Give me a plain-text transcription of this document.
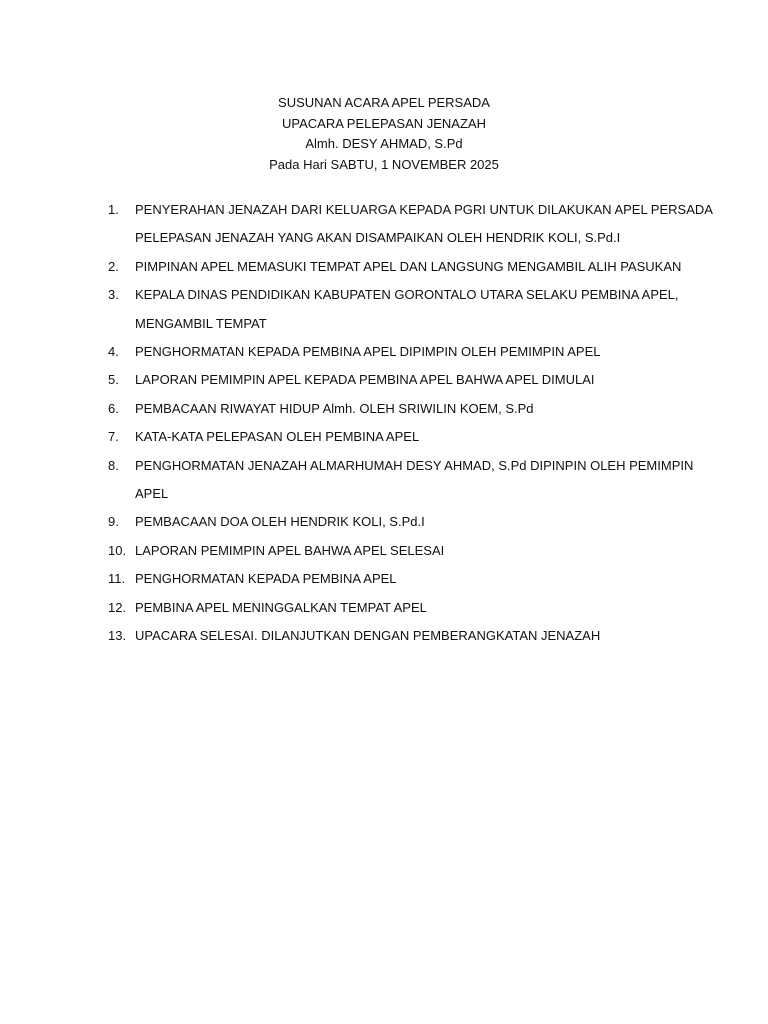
SUSUNAN ACARA APEL PERSADA
UPACARA PELEPASAN JENAZAH
Almh. DESY AHMAD, S.Pd
Pada Hari SABTU, 1 NOVEMBER 2025
1.	PENYERAHAN JENAZAH DARI KELUARGA KEPADA PGRI UNTUK DILAKUKAN APEL PERSADA PELEPASAN JENAZAH YANG AKAN DISAMPAIKAN OLEH HENDRIK KOLI, S.Pd.I
2.	PIMPINAN APEL MEMASUKI TEMPAT APEL DAN LANGSUNG MENGAMBIL ALIH PASUKAN
3.	KEPALA DINAS PENDIDIKAN KABUPATEN GORONTALO UTARA SELAKU PEMBINA APEL, MENGAMBIL TEMPAT
4.	PENGHORMATAN KEPADA PEMBINA APEL DIPIMPIN OLEH PEMIMPIN APEL
5.	LAPORAN PEMIMPIN APEL KEPADA PEMBINA APEL BAHWA APEL DIMULAI
6.	PEMBACAAN RIWAYAT HIDUP Almh. OLEH SRIWILIN KOEM, S.Pd
7.	KATA-KATA PELEPASAN OLEH PEMBINA APEL
8.	PENGHORMATAN JENAZAH ALMARHUMAH DESY AHMAD, S.Pd DIPINPIN OLEH PEMIMPIN APEL
9.	PEMBACAAN DOA OLEH HENDRIK KOLI, S.Pd.I
10. LAPORAN PEMIMPIN APEL BAHWA APEL SELESAI
11. PENGHORMATAN KEPADA PEMBINA APEL
12. PEMBINA APEL MENINGGALKAN TEMPAT APEL
13. UPACARA SELESAI. DILANJUTKAN DENGAN PEMBERANGKATAN JENAZAH
